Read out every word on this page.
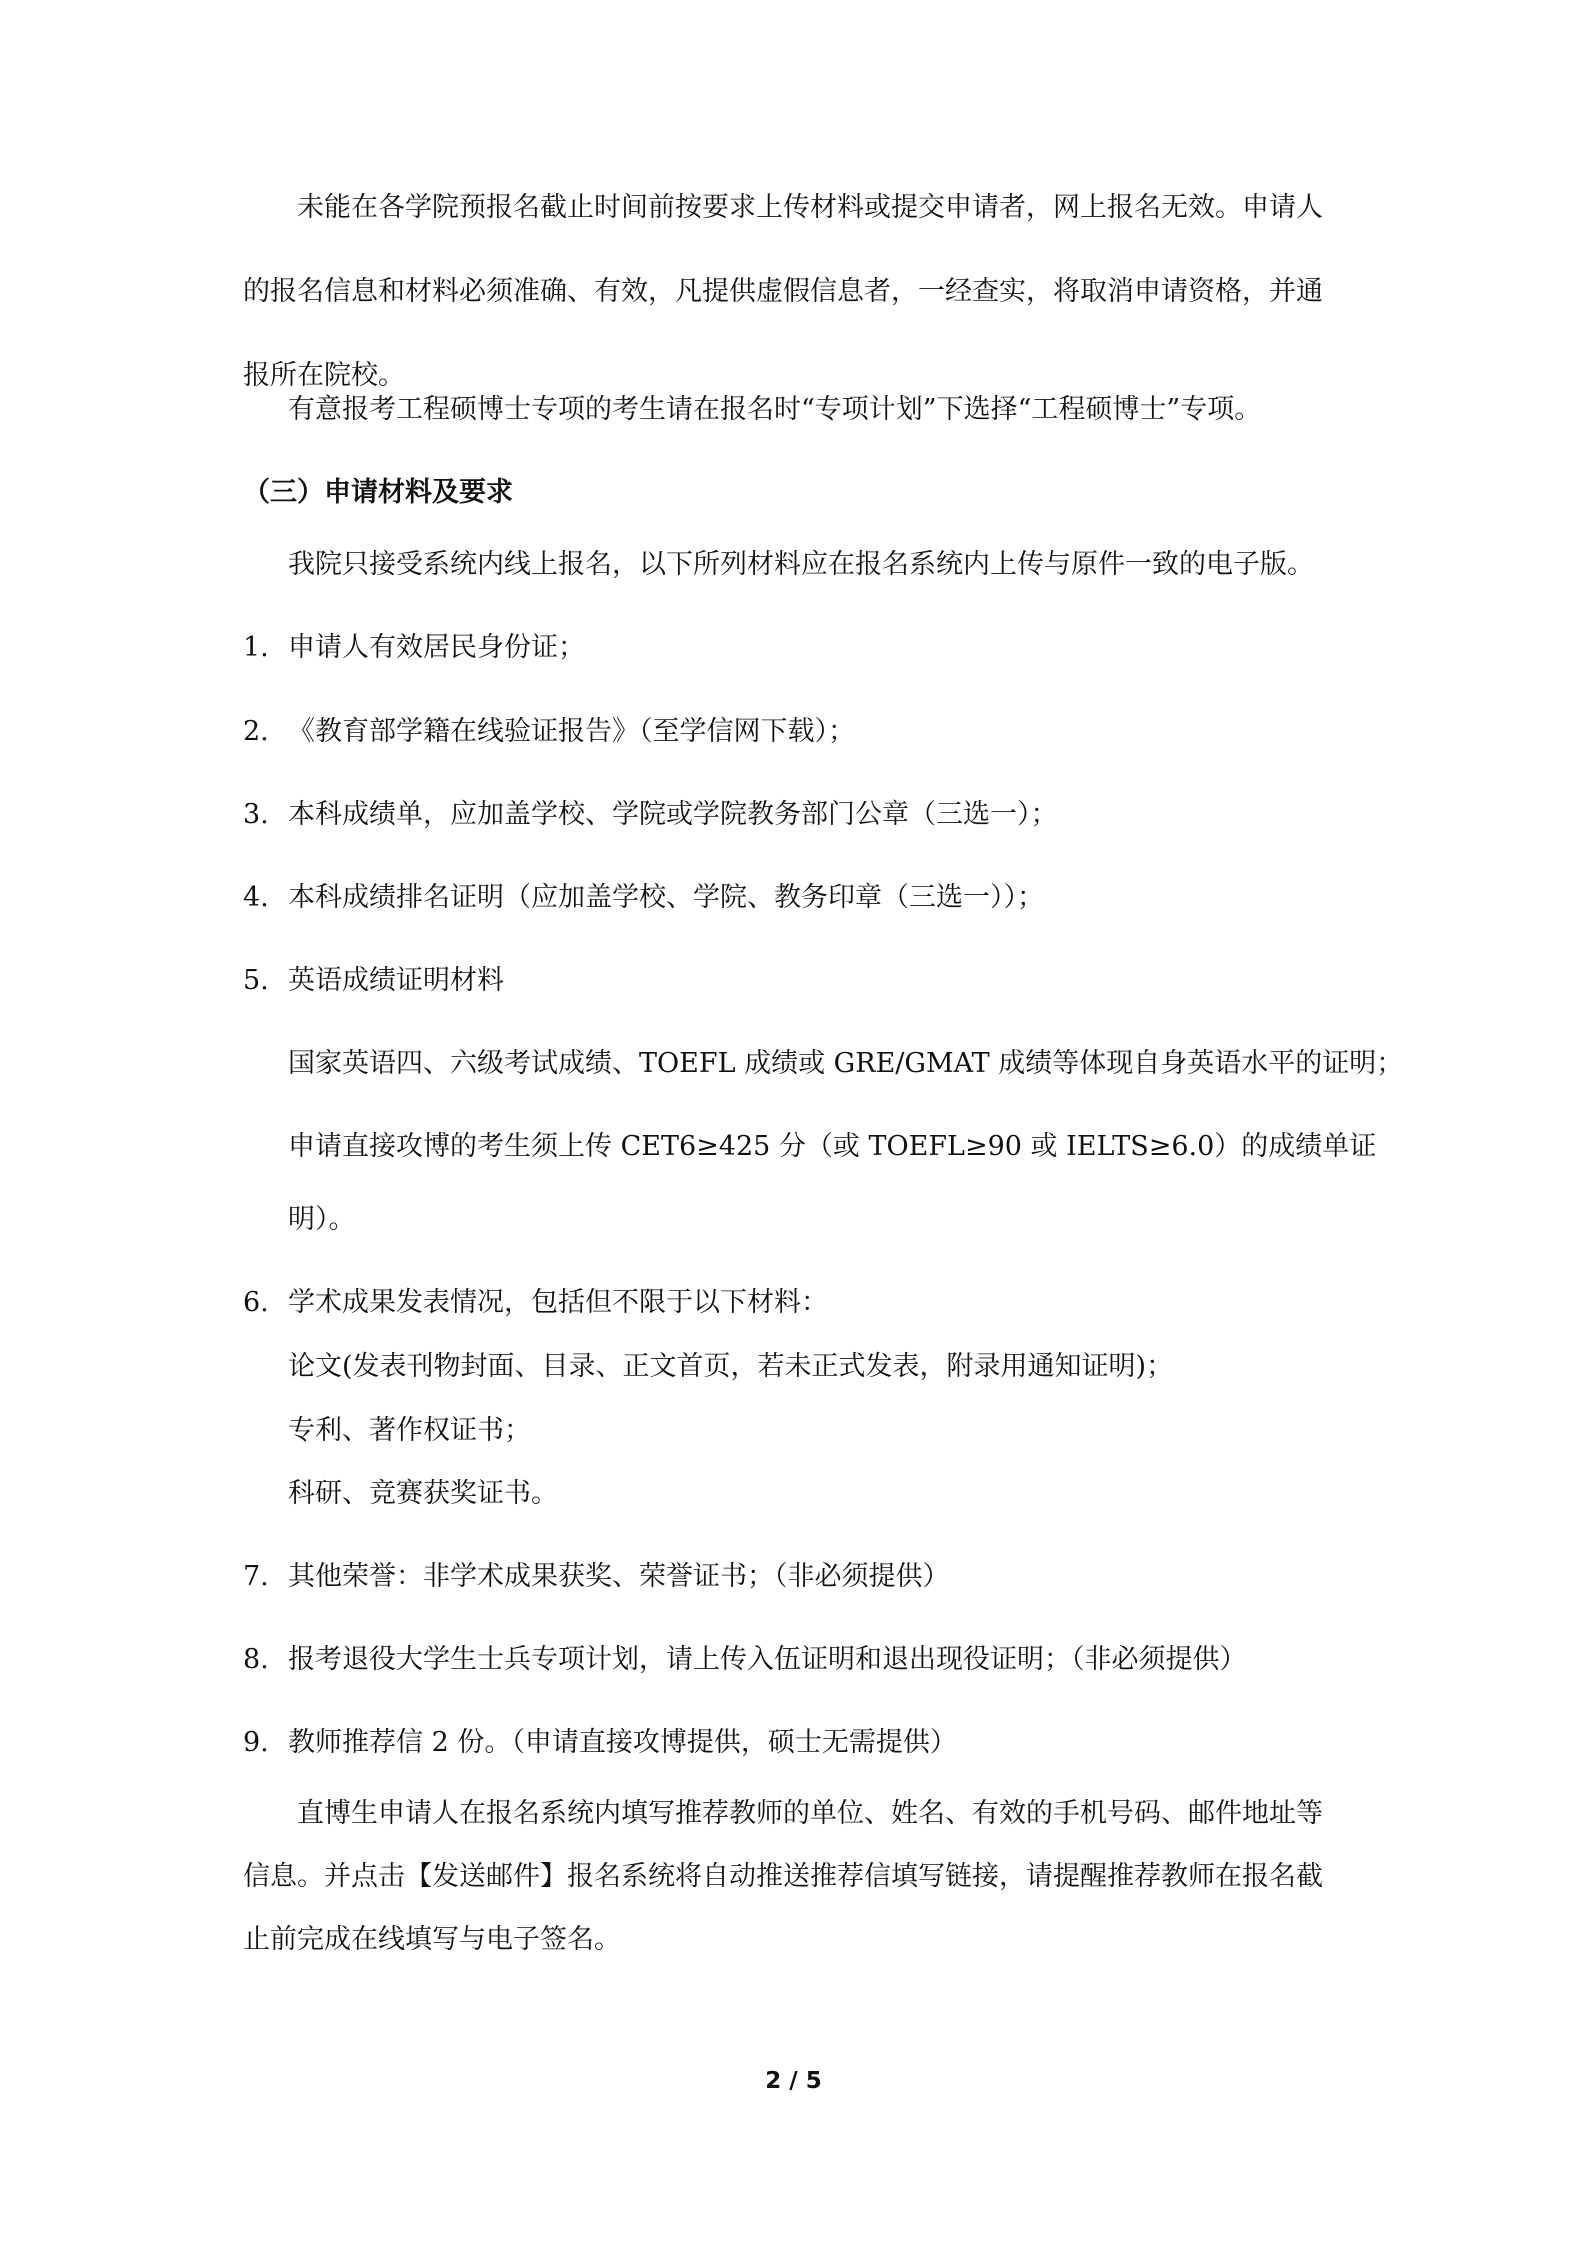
未能在各学院预报名截止时间前按要求上传材料或提交申请者，网上报名无效。申请人

的报名信息和材料必须准确、有效，凡提供虚假信息者，一经查实，将取消申请资格，并通

报所在院校。

有意报考工程硕博士专项的考生请在报名时“专项计划”下选择“工程硕博士”专项。
（三）申请材料及要求
我院只接受系统内线上报名，以下所列材料应在报名系统内上传与原件一致的电子版。
1. 申请人有效居民身份证；
2. 《教育部学籍在线验证报告》（至学信网下载）；
3. 本科成绩单，应加盖学校、学院或学院教务部门公章（三选一）；
4. 本科成绩排名证明（应加盖学校、学院、教务印章（三选一））；
5. 英语成绩证明材料
国家英语四、六级考试成绩、TOEFL 成绩或 GRE/GMAT 成绩等体现自身英语水平的证明；
申请直接攻博的考生须上传 CET6≥425 分（或 TOEFL≥90 或 IELTS≥6.0）的成绩单证
明）。
6. 学术成果发表情况，包括但不限于以下材料：
论文(发表刊物封面、目录、正文首页，若未正式发表，附录用通知证明)；
专利、著作权证书；
科研、竞赛获奖证书。
7. 其他荣誉：非学术成果获奖、荣誉证书；（非必须提供）
8. 报考退役大学生士兵专项计划，请上传入伍证明和退出现役证明；（非必须提供）
9. 教师推荐信 2 份。（申请直接攻博提供，硕士无需提供）

直博生申请人在报名系统内填写推荐教师的单位、姓名、有效的手机号码、邮件地址等

信息。并点击【发送邮件】报名系统将自动推送推荐信填写链接，请提醒推荐教师在报名截

止前完成在线填写与电子签名。

2 / 5
